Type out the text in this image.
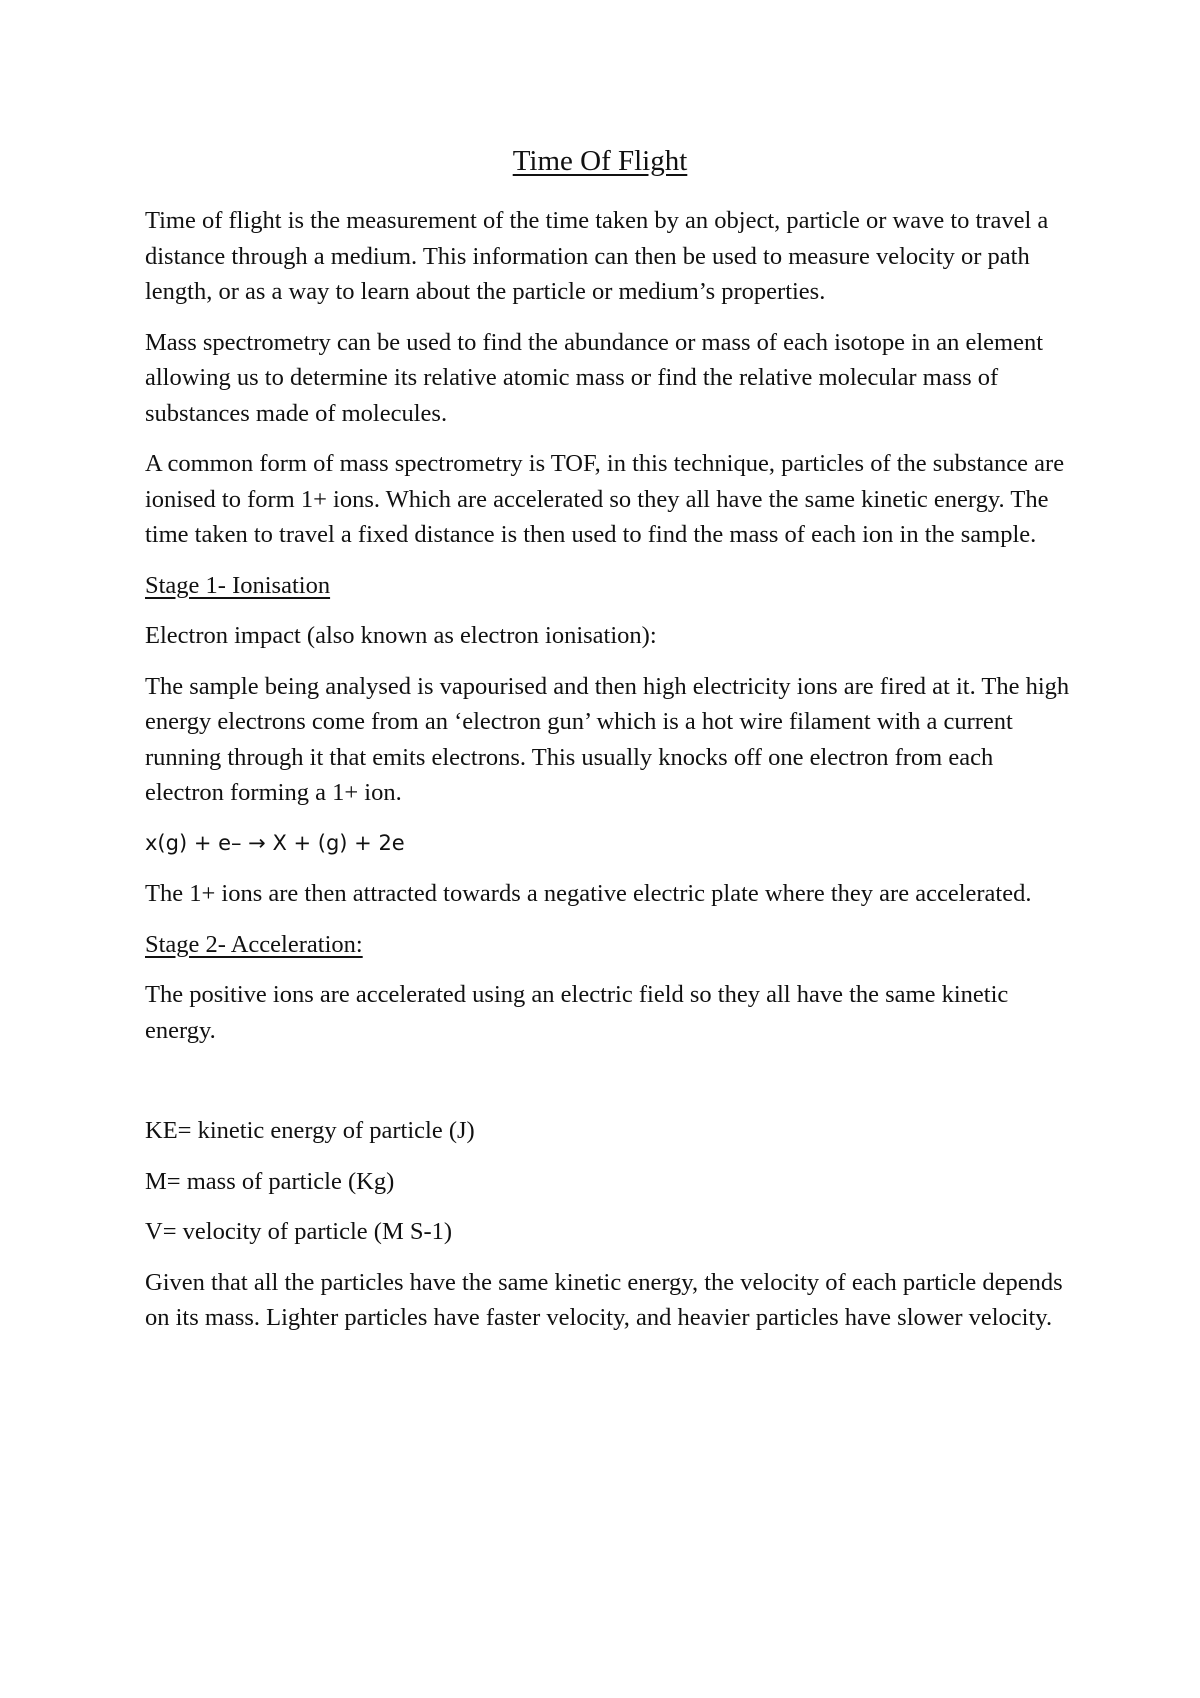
Time Of Flight

Time of flight is the measurement of the time taken by an object, particle or wave to travel a distance through a medium. This information can then be used to measure velocity or path length, or as a way to learn about the particle or medium’s properties.

Mass spectrometry can be used to find the abundance or mass of each isotope in an element allowing us to determine its relative atomic mass or find the relative molecular mass of substances made of molecules.

A common form of mass spectrometry is TOF, in this technique, particles of the substance are ionised to form 1+ ions. Which are accelerated so they all have the same kinetic energy. The time taken to travel a fixed distance is then used to find the mass of each ion in the sample.

Stage 1- Ionisation

Electron impact (also known as electron ionisation):

The sample being analysed is vapourised and then high electricity ions are fired at it. The high energy electrons come from an ‘electron gun’ which is a hot wire filament with a current running through it that emits electrons. This usually knocks off one electron from each electron forming a 1+ ion.

x(g) + e– → X + (g) + 2e

The 1+ ions are then attracted towards a negative electric plate where they are accelerated.

Stage 2- Acceleration:

The positive ions are accelerated using an electric field so they all have the same kinetic energy.

KE= kinetic energy of particle (J)

M= mass of particle (Kg)

V= velocity of particle (M S-1)

Given that all the particles have the same kinetic energy, the velocity of each particle depends on its mass. Lighter particles have faster velocity, and heavier particles have slower velocity.
